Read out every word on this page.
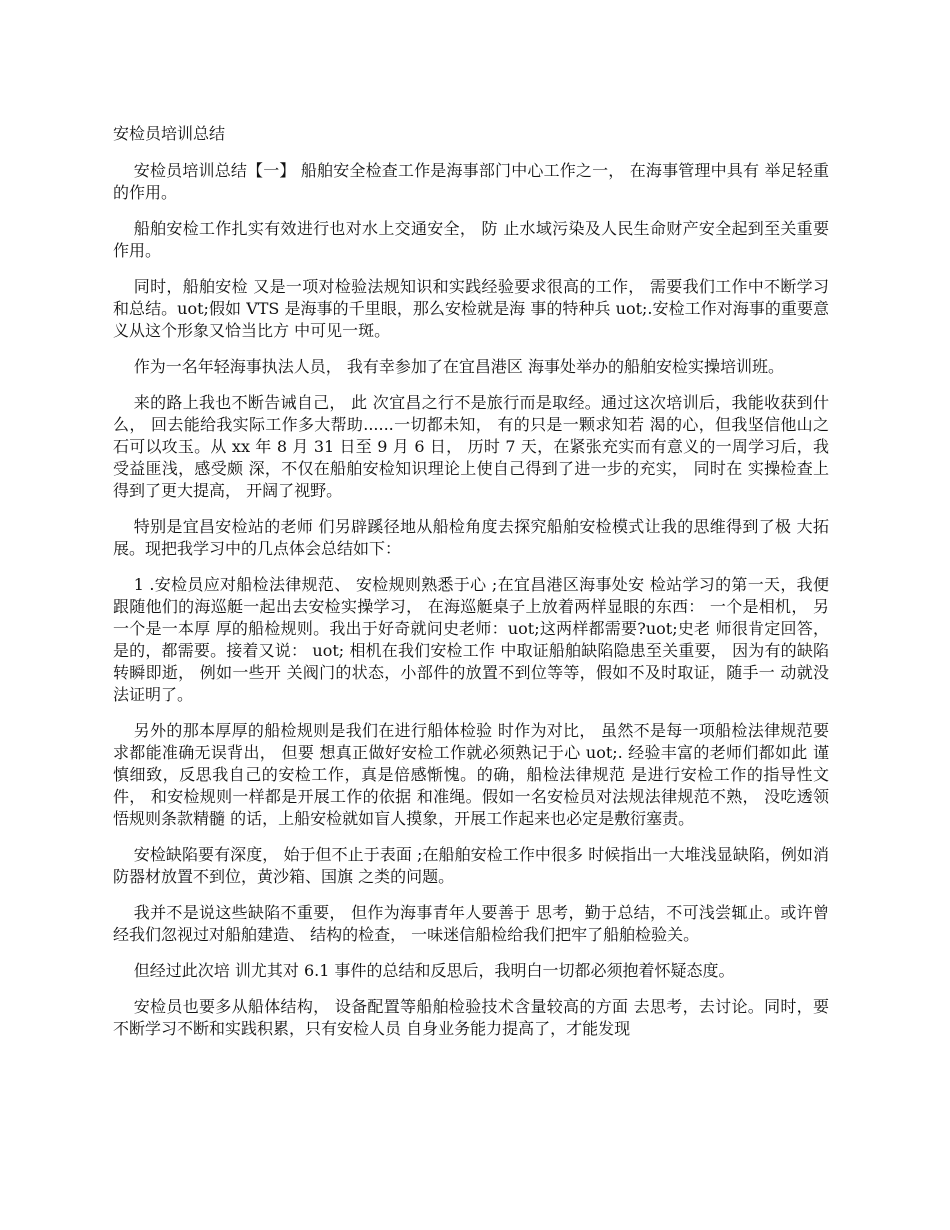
安检员培训总结

安检员培训总结【一】 船舶安全检查工作是海事部门中心工作之一， 在海事管理中具有 举足轻重的作用。

船舶安检工作扎实有效进行也对水上交通安全， 防 止水域污染及人民生命财产安全起到至关重要作用。

同时，船舶安检 又是一项对检验法规知识和实践经验要求很高的工作， 需要我们工作中不断学习和总结。uot;假如 VTS 是海事的千里眼，那么安检就是海 事的特种兵 uot;.安检工作对海事的重要意义从这个形象又恰当比方 中可见一斑。

作为一名年轻海事执法人员， 我有幸参加了在宜昌港区 海事处举办的船舶安检实操培训班。

来的路上我也不断告诫自己， 此 次宜昌之行不是旅行而是取经。通过这次培训后，我能收获到什么， 回去能给我实际工作多大帮助......一切都未知， 有的只是一颗求知若 渴的心，但我坚信他山之石可以攻玉。从 xx 年 8 月 31 日至 9 月 6 日， 历时 7 天，在紧张充实而有意义的一周学习后，我受益匪浅，感受颇 深，不仅在船舶安检知识理论上使自己得到了进一步的充实， 同时在 实操检查上得到了更大提高， 开阔了视野。

特别是宜昌安检站的老师 们另辟蹊径地从船检角度去探究船舶安检模式让我的思维得到了极 大拓展。现把我学习中的几点体会总结如下：

1 .安检员应对船检法律规范、 安检规则熟悉于心 ;在宜昌港区海事处安 检站学习的第一天，我便跟随他们的海巡艇一起出去安检实操学习， 在海巡艇桌子上放着两样显眼的东西： 一个是相机， 另一个是一本厚 厚的船检规则。我出于好奇就问史老师：uot;这两样都需要?uot;史老 师很肯定回答，是的，都需要。接着又说： uot; 相机在我们安检工作 中取证船舶缺陷隐患至关重要， 因为有的缺陷转瞬即逝， 例如一些开 关阀门的状态，小部件的放置不到位等等，假如不及时取证，随手一 动就没法证明了。

另外的那本厚厚的船检规则是我们在进行船体检验 时作为对比， 虽然不是每一项船检法律规范要求都能准确无误背出， 但要 想真正做好安检工作就必须熟记于心 uot;. 经验丰富的老师们都如此 谨慎细致，反思我自己的安检工作，真是倍感惭愧。的确，船检法律规范 是进行安检工作的指导性文件， 和安检规则一样都是开展工作的依据 和准绳。假如一名安检员对法规法律规范不熟， 没吃透领悟规则条款精髓 的话，上船安检就如盲人摸象，开展工作起来也必定是敷衍塞责。

安检缺陷要有深度， 始于但不止于表面 ;在船舶安检工作中很多 时候指出一大堆浅显缺陷，例如消防器材放置不到位，黄沙箱、国旗 之类的问题。

我并不是说这些缺陷不重要， 但作为海事青年人要善于 思考，勤于总结，不可浅尝辄止。或许曾经我们忽视过对船舶建造、 结构的检查， 一味迷信船检给我们把牢了船舶检验关。

但经过此次培 训尤其对 6.1 事件的总结和反思后，我明白一切都必须抱着怀疑态度。

安检员也要多从船体结构， 设备配置等船舶检验技术含量较高的方面 去思考，去讨论。同时，要不断学习不断和实践积累，只有安检人员 自身业务能力提高了，才能发现
